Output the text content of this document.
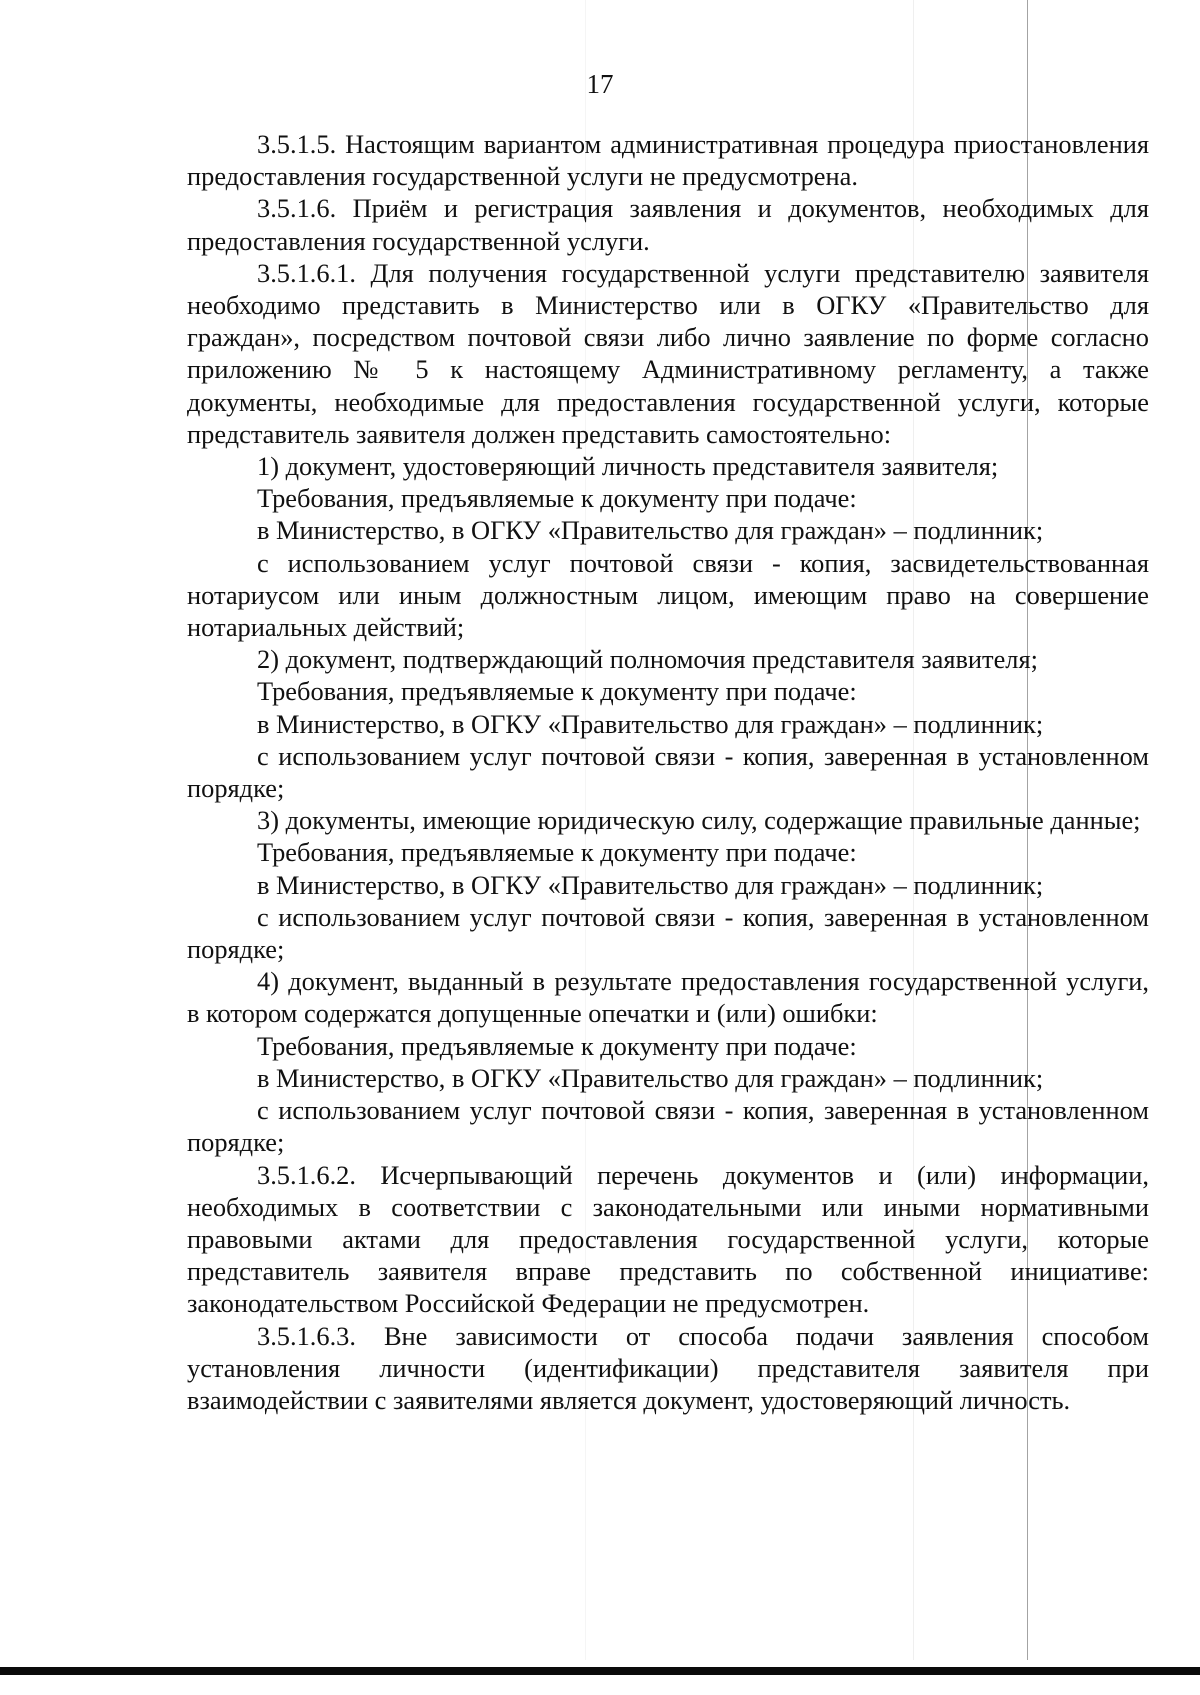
17

3.5.1.5. Настоящим вариантом административная процедура приостановления предоставления государственной услуги не предусмотрена.

3.5.1.6. Приём и регистрация заявления и документов, необходимых для предоставления государственной услуги.

3.5.1.6.1. Для получения государственной услуги представителю заявителя необходимо представить в Министерство или в ОГКУ «Правительство для граждан», посредством почтовой связи либо лично заявление по форме согласно приложению № 5 к настоящему Административному регламенту, а также документы, необходимые для предоставления государственной услуги, которые представитель заявителя должен представить самостоятельно:

1) документ, удостоверяющий личность представителя заявителя;

Требования, предъявляемые к документу при подаче:

в Министерство, в ОГКУ «Правительство для граждан» – подлинник;

с использованием услуг почтовой связи - копия, засвидетельствованная нотариусом или иным должностным лицом, имеющим право на совершение нотариальных действий;

2) документ, подтверждающий полномочия представителя заявителя;

Требования, предъявляемые к документу при подаче:

в Министерство, в ОГКУ «Правительство для граждан» – подлинник;

с использованием услуг почтовой связи - копия, заверенная в установленном порядке;

3) документы, имеющие юридическую силу, содержащие правильные данные;

Требования, предъявляемые к документу при подаче:

в Министерство, в ОГКУ «Правительство для граждан» – подлинник;

с использованием услуг почтовой связи - копия, заверенная в установленном порядке;

4) документ, выданный в результате предоставления государственной услуги, в котором содержатся допущенные опечатки и (или) ошибки:

Требования, предъявляемые к документу при подаче:

в Министерство, в ОГКУ «Правительство для граждан» – подлинник;

с использованием услуг почтовой связи - копия, заверенная в установленном порядке;

3.5.1.6.2. Исчерпывающий перечень документов и (или) информации, необходимых в соответствии с законодательными или иными нормативными правовыми актами для предоставления государственной услуги, которые представитель заявителя вправе представить по собственной инициативе: законодательством Российской Федерации не предусмотрен.

3.5.1.6.3. Вне зависимости от способа подачи заявления способом установления личности (идентификации) представителя заявителя при взаимодействии с заявителями является документ, удостоверяющий личность.
